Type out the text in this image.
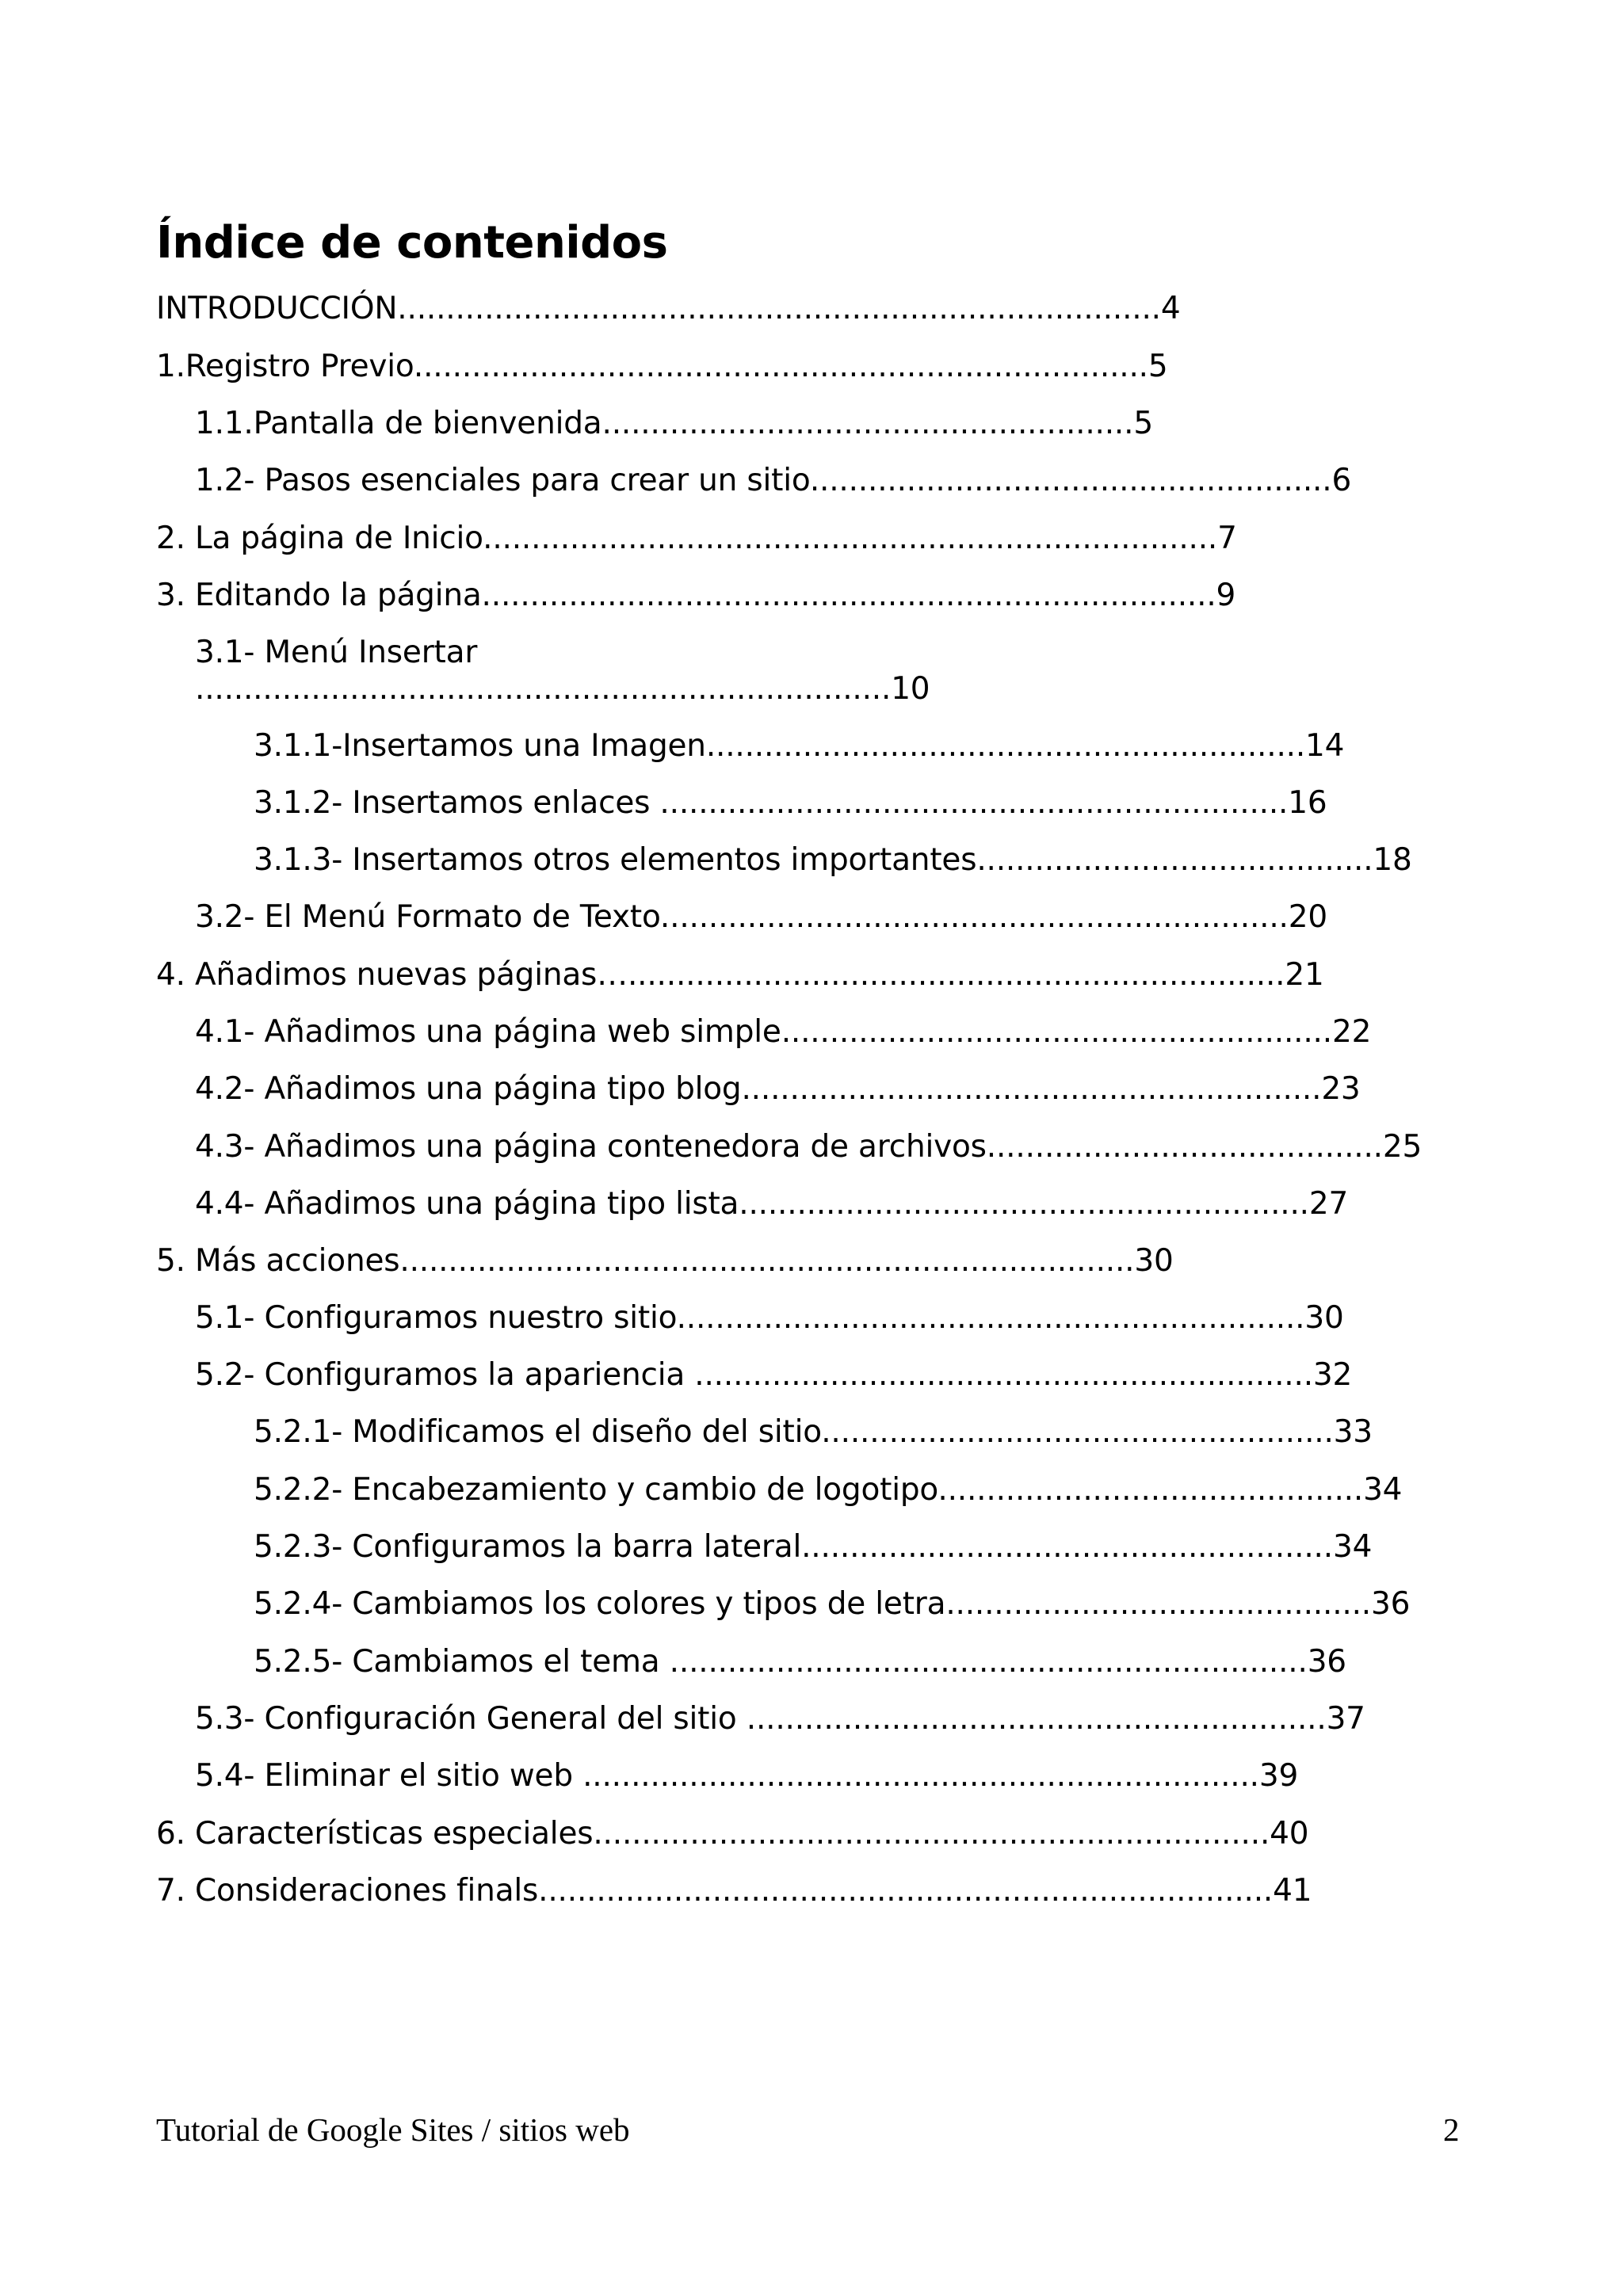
Índice de contenidos
INTRODUCCIÓN...............................................................................4
1.Registro Previo............................................................................5
1.1.Pantalla de bienvenida.......................................................5
1.2- Pasos esenciales para crear un sitio......................................................6
2. La página de Inicio............................................................................7
3. Editando la página............................................................................9
3.1- Menú Insertar
........................................................................10
3.1.1-Insertamos una Imagen..............................................................14
3.1.2- Insertamos enlaces .................................................................16
3.1.3- Insertamos otros elementos importantes.........................................18
3.2- El Menú Formato de Texto.................................................................20
4. Añadimos nuevas páginas…....................................................................21
4.1- Añadimos una página web simple.........................................................22
4.2- Añadimos una página tipo blog............................................................23
4.3- Añadimos una página contenedora de archivos.........................................25
4.4- Añadimos una página tipo lista...........................................................27
5. Más acciones............................................................................30
5.1- Configuramos nuestro sitio.................................................................30
5.2- Configuramos la apariencia ................................................................32
5.2.1- Modificamos el diseño del sitio.....................................................33
5.2.2- Encabezamiento y cambio de logotipo............................................34
5.2.3- Configuramos la barra lateral.......................................................34
5.2.4- Cambiamos los colores y tipos de letra............................................36
5.2.5- Cambiamos el tema ..................................................................36
5.3- Configuración General del sitio ............................................................37
5.4- Eliminar el sitio web ......................................................................39
6. Características especiales......................................................................40
7. Consideraciones finals............................................................................41
Tutorial de Google Sites / sitios web	2
